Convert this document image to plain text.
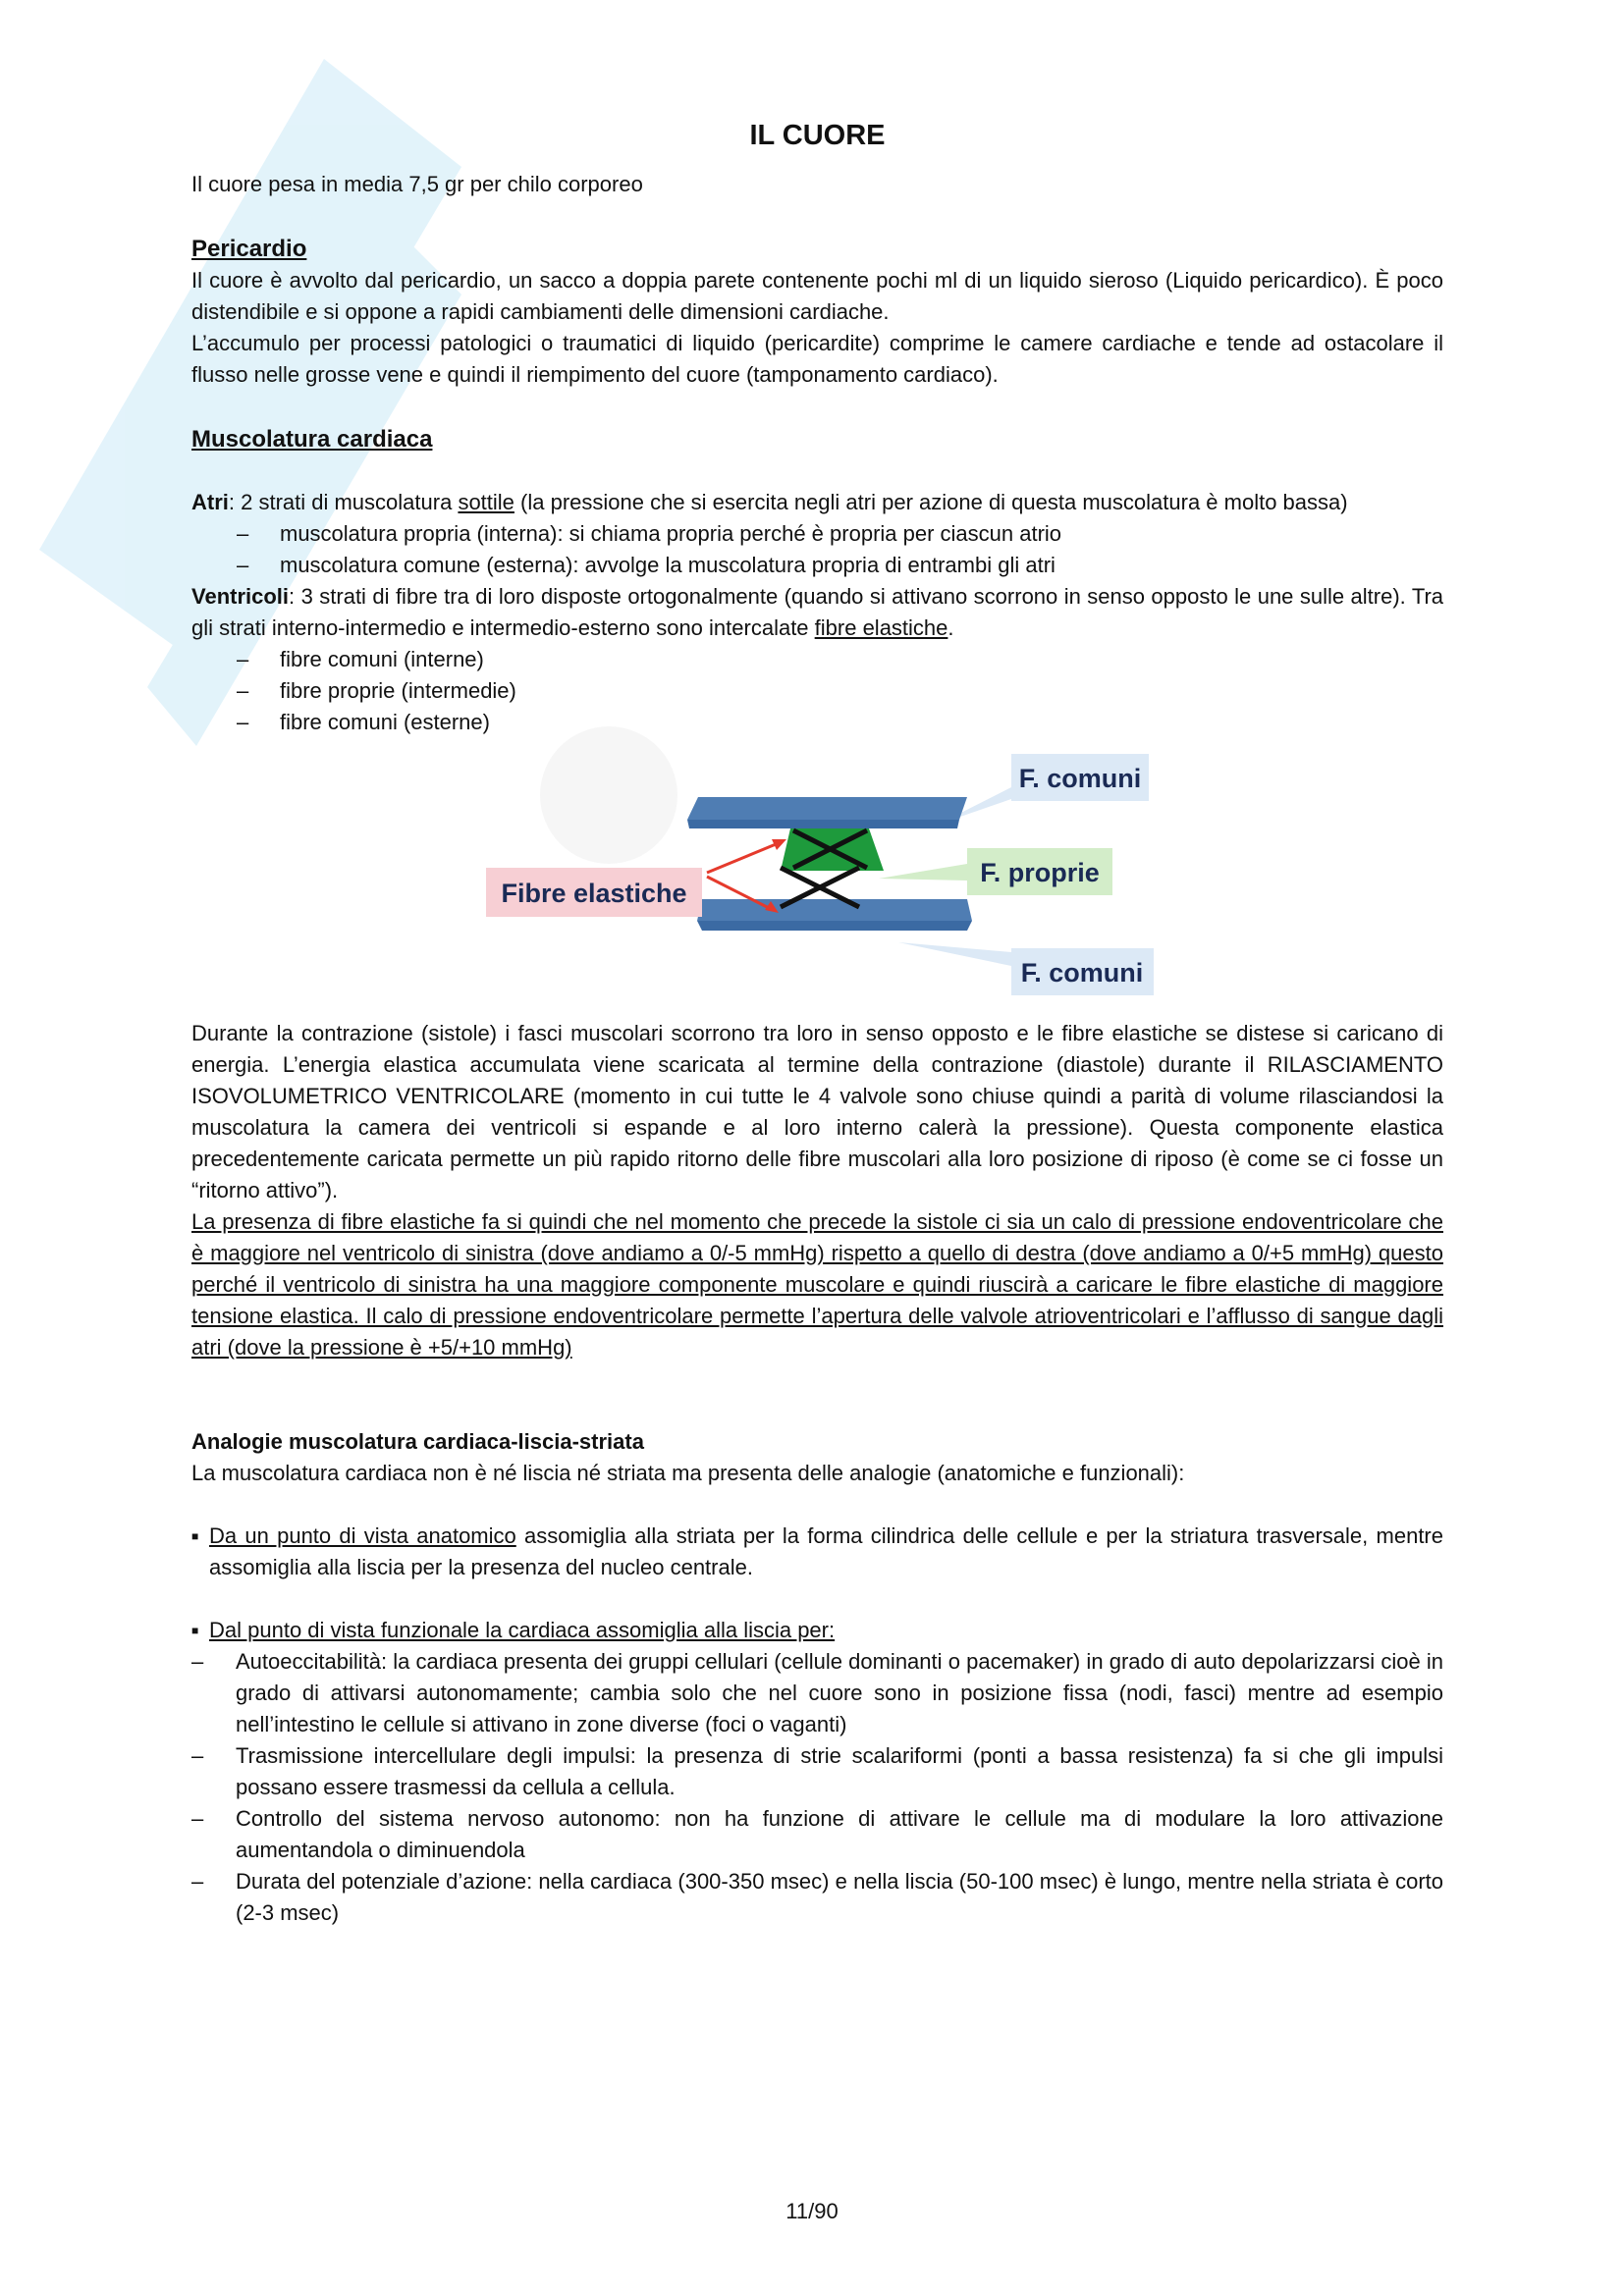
IL CUORE

Il cuore pesa in media 7,5 gr per chilo corporeo

Pericardio

Il cuore è avvolto dal pericardio, un sacco a doppia parete contenente pochi ml di un liquido sieroso (Liquido pericardico). È poco distendibile e si oppone a rapidi cambiamenti delle dimensioni cardiache.

L’accumulo per processi patologici o traumatici di liquido (pericardite) comprime le camere cardiache e tende ad ostacolare il flusso nelle grosse vene e quindi il riempimento del cuore (tamponamento cardiaco).

Muscolatura cardiaca

Atri: 2 strati di muscolatura sottile (la pressione che si esercita negli atri per azione di questa muscolatura è molto bassa)

– muscolatura propria (interna): si chiama propria perché è propria per ciascun atrio
– muscolatura comune (esterna): avvolge la muscolatura propria di entrambi gli atri

Ventricoli: 3 strati di fibre tra di loro disposte ortogonalmente (quando si attivano scorrono in senso opposto le une sulle altre). Tra gli strati interno-intermedio e intermedio-esterno sono intercalate fibre elastiche.

– fibre comuni (interne)
– fibre proprie (intermedie)
– fibre comuni (esterne)
F. comuni
F. proprie
F. comuni
Fibre elastiche

Durante la contrazione (sistole) i fasci muscolari scorrono tra loro in senso opposto e le fibre elastiche se distese si caricano di energia. L’energia elastica accumulata viene scaricata al termine della contrazione (diastole) durante il RILASCIAMENTO ISOVOLUMETRICO VENTRICOLARE (momento in cui tutte le 4 valvole sono chiuse quindi a parità di volume rilasciandosi la muscolatura la camera dei ventricoli si espande e al loro interno calerà la pressione). Questa componente elastica precedentemente caricata permette un più rapido ritorno delle fibre muscolari alla loro posizione di riposo (è come se ci fosse un “ritorno attivo”).

La presenza di fibre elastiche fa si quindi che nel momento che precede la sistole ci sia un calo di pressione endoventricolare che è maggiore nel ventricolo di sinistra (dove andiamo a 0/-5 mmHg) rispetto a quello di destra (dove andiamo a 0/+5 mmHg) questo perché il ventricolo di sinistra ha una maggiore componente muscolare e quindi riuscirà a caricare le fibre elastiche di maggiore tensione elastica. Il calo di pressione endoventricolare permette l’apertura delle valvole atrioventricolari e l’afflusso di sangue dagli atri (dove la pressione è +5/+10 mmHg)

Analogie muscolatura cardiaca-liscia-striata

La muscolatura cardiaca non è né liscia né striata ma presenta delle analogie (anatomiche e funzionali):

■ Da un punto di vista anatomico assomiglia alla striata per la forma cilindrica delle cellule e per la striatura trasversale, mentre assomiglia alla liscia per la presenza del nucleo centrale.

■ Dal punto di vista funzionale la cardiaca assomiglia alla liscia per:

– Autoeccitabilità: la cardiaca presenta dei gruppi cellulari (cellule dominanti o pacemaker) in grado di auto depolarizzarsi cioè in grado di attivarsi autonomamente; cambia solo che nel cuore sono in posizione fissa (nodi, fasci) mentre ad esempio nell’intestino le cellule si attivano in zone diverse (foci o vaganti)
– Trasmissione intercellulare degli impulsi: la presenza di strie scalariformi (ponti a bassa resistenza) fa si che gli impulsi possano essere trasmessi da cellula a cellula.
– Controllo del sistema nervoso autonomo: non ha funzione di attivare le cellule ma di modulare la loro attivazione aumentandola o diminuendola
– Durata del potenziale d’azione: nella cardiaca (300-350 msec) e nella liscia (50-100 msec) è lungo, mentre nella striata è corto (2-3 msec)
11/90
